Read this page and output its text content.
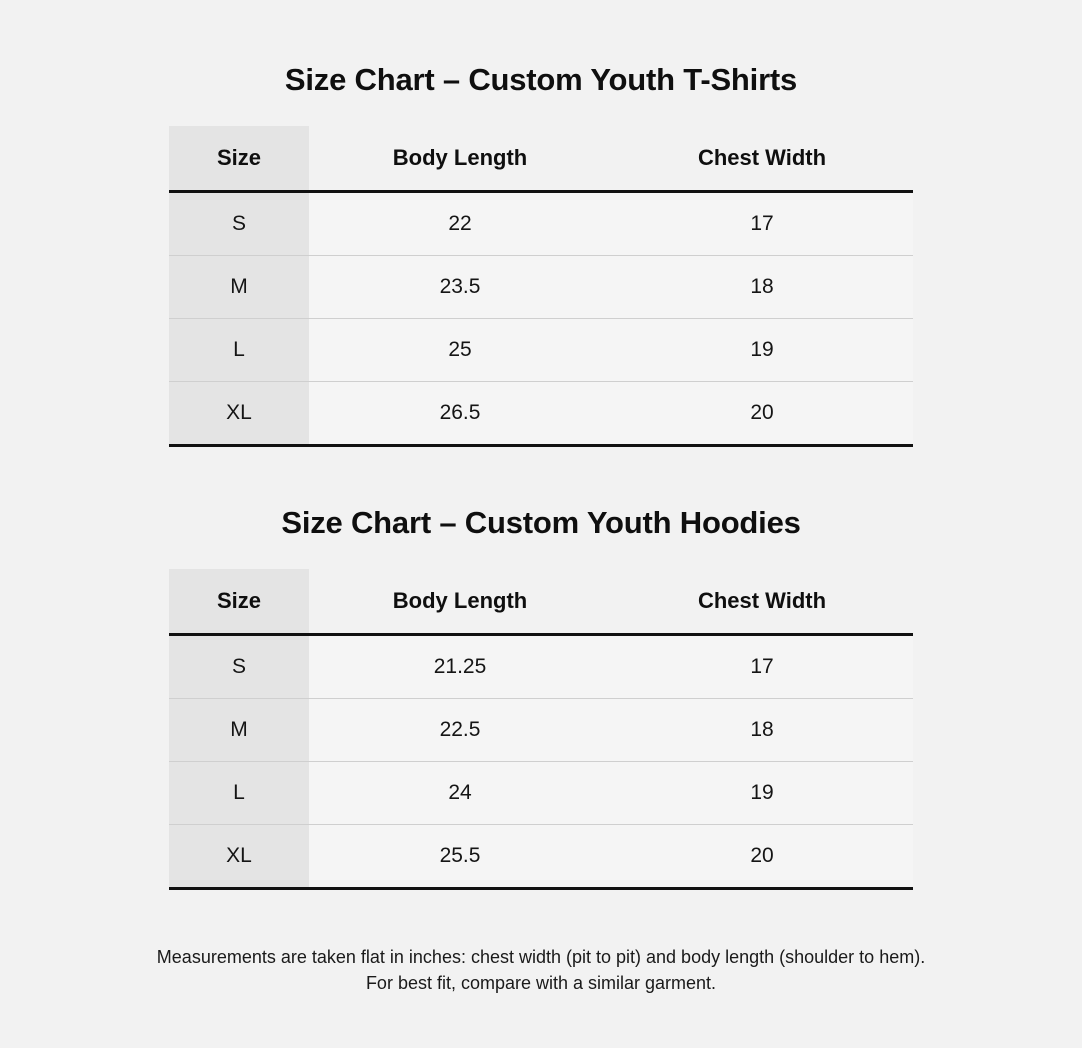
Size Chart – Custom Youth T-Shirts
Size	Body Length	Chest Width
S	22	17
M	23.5	18
L	25	19
XL	26.5	20
Size Chart – Custom Youth Hoodies
Size	Body Length	Chest Width
S	21.25	17
M	22.5	18
L	24	19
XL	25.5	20
Measurements are taken flat in inches: chest width (pit to pit) and body length (shoulder to hem).
For best fit, compare with a similar garment.
